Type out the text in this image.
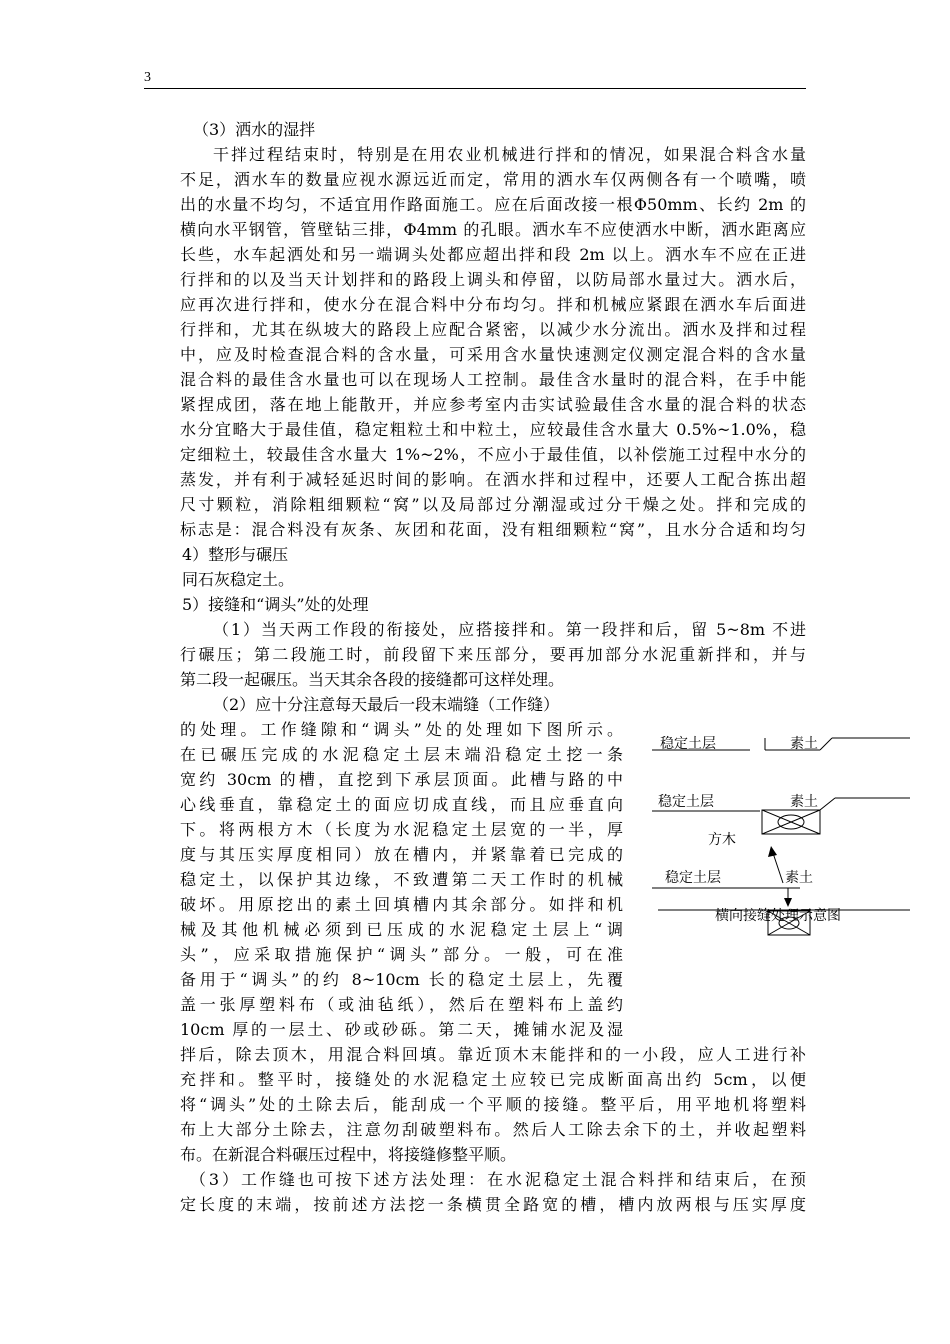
3
（3）洒水的湿拌
干拌过程结束时，特别是在用农业机械进行拌和的情况，如果混合料含水量
不足，洒水车的数量应视水源远近而定，常用的洒水车仅两侧各有一个喷嘴，喷
出的水量不均匀，不适宜用作路面施工。应在后面改接一根Φ50mm、长约 2m 的
横向水平钢管，管壁钻三排，Φ4mm 的孔眼。洒水车不应使洒水中断，洒水距离应
长些，水车起洒处和另一端调头处都应超出拌和段 2m 以上。洒水车不应在正进
行拌和的以及当天计划拌和的路段上调头和停留，以防局部水量过大。洒水后，
应再次进行拌和，使水分在混合料中分布均匀。拌和机械应紧跟在洒水车后面进
行拌和，尤其在纵坡大的路段上应配合紧密，以减少水分流出。洒水及拌和过程
中，应及时检查混合料的含水量，可采用含水量快速测定仪测定混合料的含水量
混合料的最佳含水量也可以在现场人工控制。最佳含水量时的混合料，在手中能
紧捏成团，落在地上能散开，并应参考室内击实试验最佳含水量的混合料的状态
水分宜略大于最佳值，稳定粗粒土和中粒土，应较最佳含水量大 0.5%~1.0%，稳
定细粒土，较最佳含水量大 1%~2%，不应小于最佳值，以补偿施工过程中水分的
蒸发，并有利于减轻延迟时间的影响。在洒水拌和过程中，还要人工配合拣出超
尺寸颗粒，消除粗细颗粒“窝”以及局部过分潮湿或过分干燥之处。拌和完成的
标志是：混合料没有灰条、灰团和花面，没有粗细颗粒“窝”，且水分合适和均匀
4）整形与碾压
同石灰稳定土。
5）接缝和“调头”处的处理
（1）当天两工作段的衔接处，应搭接拌和。第一段拌和后，留 5~8m 不进
行碾压；第二段施工时，前段留下来压部分，要再加部分水泥重新拌和，并与
第二段一起碾压。当天其余各段的接缝都可这样处理。
（2）应十分注意每天最后一段末端缝（工作缝）
的处理。工作缝隙和“调头”处的处理如下图所示。
在已碾压完成的水泥稳定土层末端沿稳定土挖一条
宽约 30cm 的槽，直挖到下承层顶面。此槽与路的中
心线垂直，靠稳定土的面应切成直线，而且应垂直向
下。将两根方木（长度为水泥稳定土层宽的一半，厚
度与其压实厚度相同）放在槽内，并紧靠着已完成的
稳定土，以保护其边缘，不致遭第二天工作时的机械
破坏。用原挖出的素土回填槽内其余部分。如拌和机
械及其他机械必须到已压成的水泥稳定土层上“调
头”，应采取措施保护“调头”部分。一般，可在准
备用于“调头”的约 8~10cm 长的稳定土层上，先覆
盖一张厚塑料布（或油毡纸），然后在塑料布上盖约
10cm 厚的一层土、砂或砂砾。第二天，摊铺水泥及湿
拌后，除去顶木，用混合料回填。靠近顶木末能拌和的一小段，应人工进行补
充拌和。整平时，接缝处的水泥稳定土应较已完成断面高出约 5cm，以便
将“调头”处的土除去后，能刮成一个平顺的接缝。整平后，用平地机将塑料
布上大部分土除去，注意勿刮破塑料布。然后人工除去余下的土，并收起塑料
布。在新混合料碾压过程中，将接缝修整平顺。
（3）工作缝也可按下述方法处理：在水泥稳定土混合料拌和结束后，在预
定长度的末端，按前述方法挖一条横贯全路宽的槽，槽内放两根与压实厚度
稳定土层	素土
稳定土层	素土
方木
稳定土层	素土
横向接缝处理示意图
